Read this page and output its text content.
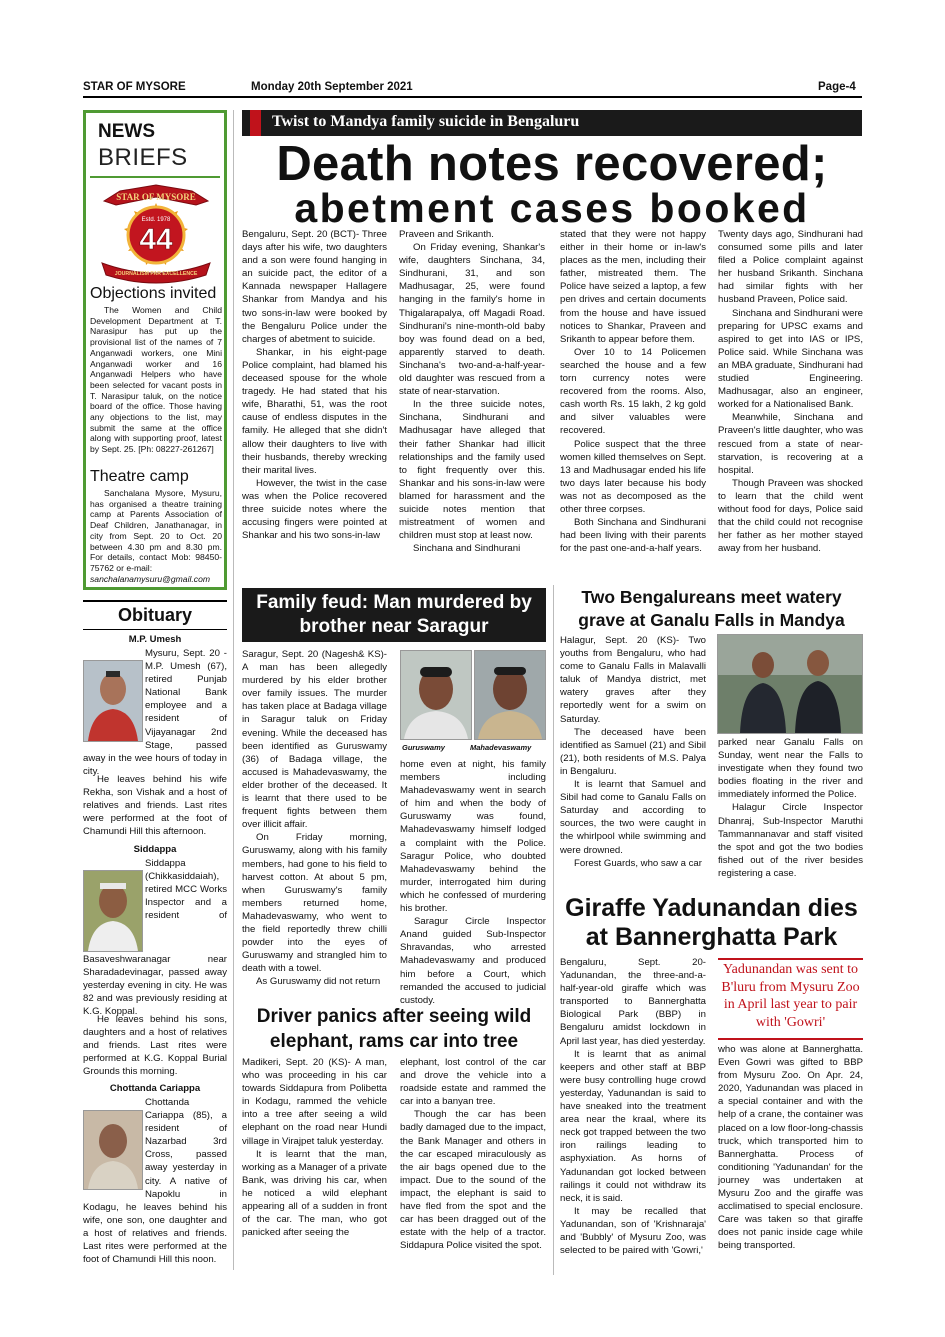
STAR OF MYSORE	Monday 20th September 2021	Page-4
NEWS
BRIEFS
STAR OF MYSORE
Estd. 1978
44
JOURNALISM PAR EXCELLENCE
Objections invited

The Women and Child Development Department at T. Narasipur has put up the provisional list of the names of 7 Anganwadi workers, one Mini Anganwadi worker and 16 Anganwadi Helpers who have been selected for vacant posts in T. Narasipur taluk, on the notice board of the office. Those having any objections to the list, may submit the same at the office along with supporting proof, latest by Sept. 25. [Ph: 08227-261267]

Theatre camp

Sanchalana Mysore, Mysuru, has organised a theatre training camp at Parents Association of Deaf Children, Janathanagar, in city from Sept. 20 to Oct. 20 between 4.30 pm and 8.30 pm. For details, contact Mob: 98450-75762 or e-mail:

sanchalanamysuru@gmail.com

Obituary
M.P. Umesh

Mysuru, Sept. 20 - M.P. Umesh (67), retired Punjab National Bank employee and a resident of Vijayanagar 2nd Stage, passed away in the wee hours of today in city.

He leaves behind his wife Rekha, son Vishak and a host of relatives and friends. Last rites were performed at the foot of Chamundi Hill this afternoon.

Siddappa

Siddappa (Chikkasiddaiah), retired MCC Works Inspector and a resident of Basaveshwaranagar near Sharadadevinagar, passed away yesterday evening in city. He was 82 and was previously residing at K.G. Koppal.

He leaves behind his sons, daughters and a host of relatives and friends. Last rites were performed at K.G. Koppal Burial Grounds this morning.

Chottanda Cariappa

Chottanda Cariappa (85), a resident of Nazarbad 3rd Cross, passed away yesterday in city. A native of Napoklu in Kodagu, he leaves behind his wife, one son, one daughter and a host of relatives and friends. Last rites were performed at the foot of Chamundi Hill this noon.

Twist to Mandya family suicide in Bengaluru
Death notes recovered;
abetment cases booked

Bengaluru, Sept. 20 (BCT)- Three days after his wife, two daughters and a son were found hanging in an suicide pact, the editor of a Kannada newspaper Hallagere Shankar from Mandya and his two sons-in-law were booked by the Bengaluru Police under the charges of abetment to suicide.

Shankar, in his eight-page Police complaint, had blamed his deceased spouse for the whole tragedy. He had stated that his wife, Bharathi, 51, was the root cause of endless disputes in the family. He alleged that she didn't allow their daughters to live with their husbands, thereby wrecking their marital lives.

However, the twist in the case was when the Police recovered three suicide notes where the accusing fingers were pointed at Shankar and his two sons-in-law

Praveen and Srikanth.

On Friday evening, Shankar's wife, daughters Sinchana, 34, Sindhurani, 31, and son Madhusagar, 25, were found hanging in the family's home in Thigalarapalya, off Magadi Road. Sindhurani's nine-month-old baby boy was found dead on a bed, apparently starved to death. Sinchana's two-and-a-half-year-old daughter was rescued from a state of near-starvation.

In the three suicide notes, Sinchana, Sindhurani and Madhusagar have alleged that their father Shankar had illicit relationships and the family used to fight frequently over this. Shankar and his sons-in-law were blamed for harassment and the suicide notes mention that mistreatment of women and children must stop at least now.

Sinchana and Sindhurani

stated that they were not happy either in their home or in-law's places as the men, including their father, mistreated them. The Police have seized a laptop, a few pen drives and certain documents from the house and have issued notices to Shankar, Praveen and Srikanth to appear before them.

Over 10 to 14 Policemen searched the house and a few torn currency notes were recovered from the rooms. Also, cash worth Rs. 15 lakh, 2 kg gold and silver valuables were recovered.

Police suspect that the three women killed themselves on Sept. 13 and Madhusagar ended his life two days later because his body was not as decomposed as the other three corpses.

Both Sinchana and Sindhurani had been living with their parents for the past one-and-a-half years.

Twenty days ago, Sindhurani had consumed some pills and later filed a Police complaint against her husband Srikanth. Sinchana had similar fights with her husband Praveen, Police said.

Sinchana and Sindhurani were preparing for UPSC exams and aspired to get into IAS or IPS, Police said. While Sinchana was an MBA graduate, Sindhurani had studied Engineering. Madhusagar, also an engineer, worked for a Nationalised Bank.

Meanwhile, Sinchana and Praveen's little daughter, who was rescued from a state of near-starvation, is recovering at a hospital.

Though Praveen was shocked to learn that the child went without food for days, Police said that the child could not recognise her father as her mother stayed away from her husband.

Family feud: Man murdered by brother near Saragur
Guruswamy	Mahadevaswamy

Saragur, Sept. 20 (Nagesh& KS)- A man has been allegedly murdered by his elder brother over family issues. The murder has taken place at Badaga village in Saragur taluk on Friday evening. While the deceased has been identified as Guruswamy (36) of Badaga village, the accused is Mahadevaswamy, the elder brother of the deceased. It is learnt that there used to be frequent fights between them over illicit affair.

On Friday morning, Guruswamy, along with his family members, had gone to his field to harvest cotton. At about 5 pm, when Guruswamy's family members returned home, Mahadevaswamy, who went to the field reportedly threw chilli powder into the eyes of Guruswamy and strangled him to death with a towel.

As Guruswamy did not return

home even at night, his family members including Mahadevaswamy went in search of him and when the body of Guruswamy was found, Mahadevaswamy himself lodged a complaint with the Police. Saragur Police, who doubted Mahadevaswamy behind the murder, interrogated him during which he confessed of murdering his brother.

Saragur Circle Inspector Anand guided Sub-Inspector Shravandas, who arrested Mahadevaswamy and produced him before a Court, which remanded the accused to judicial custody.

Two Bengalureans meet watery grave at Ganalu Falls in Mandya

Halagur, Sept. 20 (KS)- Two youths from Bengaluru, who had come to Ganalu Falls in Malavalli taluk of Mandya district, met watery graves after they reportedly went for a swim on Saturday.

The deceased have been identified as Samuel (21) and Sibil (21), both residents of M.S. Palya in Bengaluru.

It is learnt that Samuel and Sibil had come to Ganalu Falls on Saturday and according to sources, the two were caught in the whirlpool while swimming and were drowned.

Forest Guards, who saw a car

parked near Ganalu Falls on Sunday, went near the Falls to investigate when they found two bodies floating in the river and immediately informed the Police.

Halagur Circle Inspector Dhanraj, Sub-Inspector Maruthi Tammannanavar and staff visited the spot and got the two bodies fished out of the river besides registering a case.

Driver panics after seeing wild elephant, rams car into tree

Madikeri, Sept. 20 (KS)- A man, who was proceeding in his car towards Siddapura from Polibetta in Kodagu, rammed the vehicle into a tree after seeing a wild elephant on the road near Hundi village in Virajpet taluk yesterday.

It is learnt that the man, working as a Manager of a private Bank, was driving his car, when he noticed a wild elephant appearing all of a sudden in front of the car. The man, who got panicked after seeing the

elephant, lost control of the car and drove the vehicle into a roadside estate and rammed the car into a banyan tree.

Though the car has been badly damaged due to the impact, the Bank Manager and others in the car escaped miraculously as the air bags opened due to the impact. Due to the sound of the impact, the elephant is said to have fled from the spot and the car has been dragged out of the estate with the help of a tractor. Siddapura Police visited the spot.

Giraffe Yadunandan dies
at Bannerghatta Park

Bengaluru, Sept. 20- Yadunandan, the three-and-a-half-year-old giraffe which was transported to Bannerghatta Biological Park (BBP) in Bengaluru amidst lockdown in April last year, has died yesterday.

It is learnt that as animal keepers and other staff at BBP were busy controlling huge crowd yesterday, Yadunandan is said to have sneaked into the treatment area near the kraal, where its neck got trapped between the two iron railings leading to asphyxiation. As horns of Yadunandan got locked between railings it could not withdraw its neck, it is said.

It may be recalled that Yadunandan, son of 'Krishnaraja' and 'Bubbly' of Mysuru Zoo, was selected to be paired with 'Gowri,'

Yadunandan was sent to B'luru from Mysuru Zoo in April last year to pair with 'Gowri'

who was alone at Bannerghatta. Even Gowri was gifted to BBP from Mysuru Zoo. On Apr. 24, 2020, Yadunandan was placed in a special container and with the help of a crane, the container was placed on a low floor-long-chassis truck, which transported him to Bannerghatta. Process of conditioning 'Yadunandan' for the journey was undertaken at Mysuru Zoo and the giraffe was acclimatised to special enclosure. Care was taken so that giraffe does not panic inside cage while being transported.
